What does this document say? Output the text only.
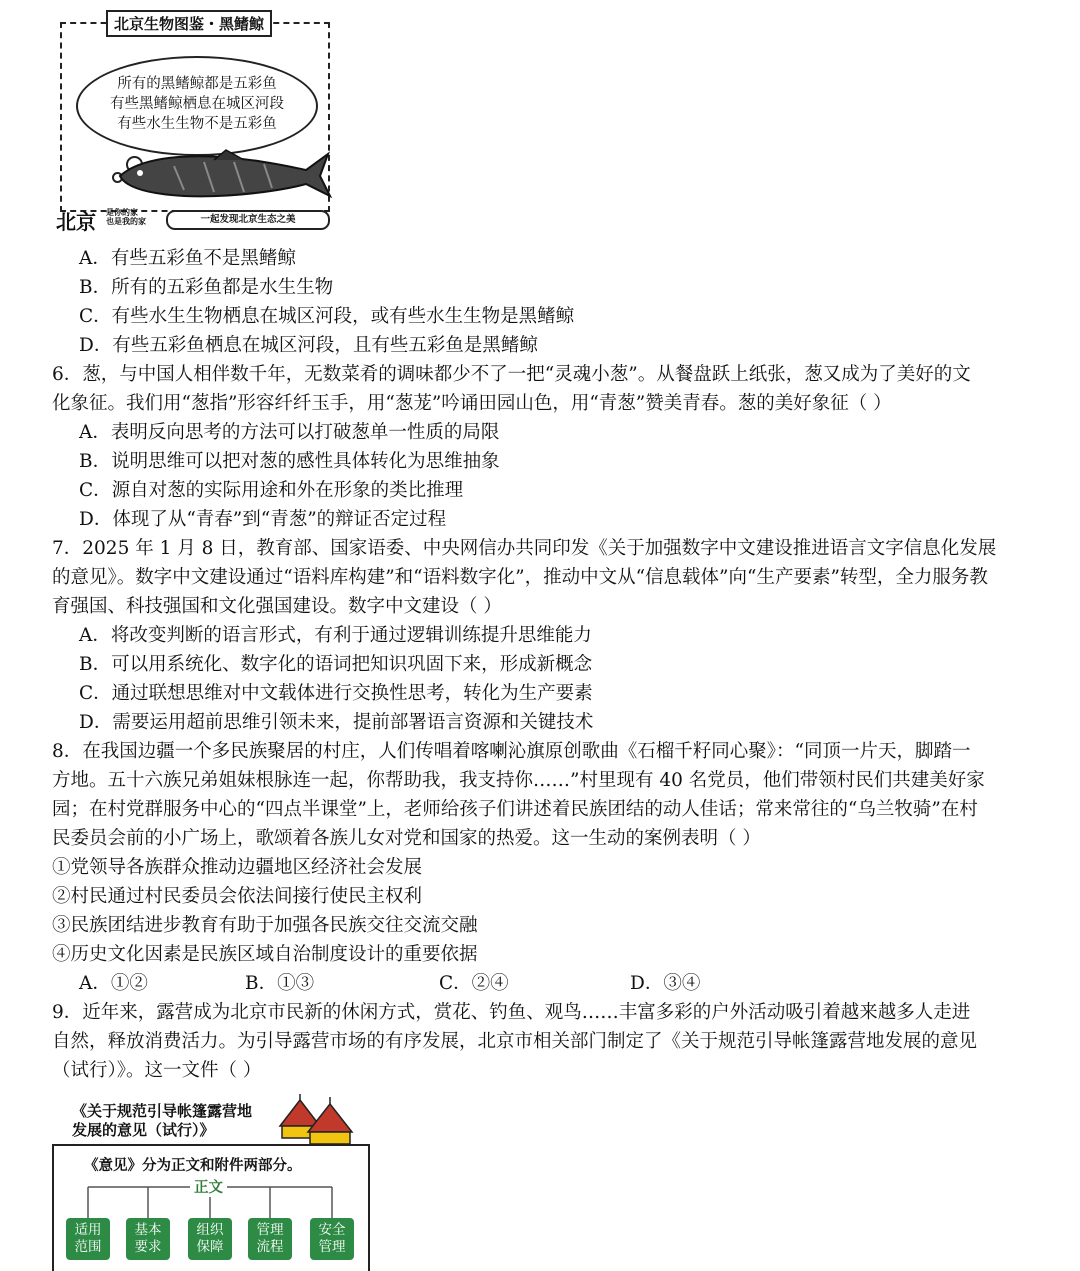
北京生物图鉴・黑鳍鲸
所有的黑鳍鲸都是五彩鱼
有些黑鳍鲸栖息在城区河段
有些水生生物不是五彩鱼
北京 是你的家
也是我的家	一起发现北京生态之美
A．有些五彩鱼不是黑鳍鲸
B．所有的五彩鱼都是水生生物
C．有些水生生物栖息在城区河段，或有些水生生物是黑鳍鲸
D．有些五彩鱼栖息在城区河段，且有些五彩鱼是黑鳍鲸
6．葱，与中国人相伴数千年，无数菜肴的调味都少不了一把“灵魂小葱”。从餐盘跃上纸张，葱又成为了美好的文
化象征。我们用“葱指”形容纤纤玉手，用“葱茏”吟诵田园山色，用“青葱”赞美青春。葱的美好象征（ ）
A．表明反向思考的方法可以打破葱单一性质的局限
B．说明思维可以把对葱的感性具体转化为思维抽象
C．源自对葱的实际用途和外在形象的类比推理
D．体现了从“青春”到“青葱”的辩证否定过程
7．2025 年 1 月 8 日，教育部、国家语委、中央网信办共同印发《关于加强数字中文建设推进语言文字信息化发展
的意见》。数字中文建设通过“语料库构建”和“语料数字化”，推动中文从“信息载体”向“生产要素”转型，全力服务教
育强国、科技强国和文化强国建设。数字中文建设（ ）
A．将改变判断的语言形式，有利于通过逻辑训练提升思维能力
B．可以用系统化、数字化的语词把知识巩固下来，形成新概念
C．通过联想思维对中文载体进行交换性思考，转化为生产要素
D．需要运用超前思维引领未来，提前部署语言资源和关键技术
8．在我国边疆一个多民族聚居的村庄，人们传唱着喀喇沁旗原创歌曲《石榴千籽同心聚》：“同顶一片天，脚踏一
方地。五十六族兄弟姐妹根脉连一起，你帮助我，我支持你……”村里现有 40 名党员，他们带领村民们共建美好家
园；在村党群服务中心的“四点半课堂”上，老师给孩子们讲述着民族团结的动人佳话；常来常往的“乌兰牧骑”在村
民委员会前的小广场上，歌颂着各族儿女对党和国家的热爱。这一生动的案例表明（ ）
①党领导各族群众推动边疆地区经济社会发展
②村民通过村民委员会依法间接行使民主权利
③民族团结进步教育有助于加强各民族交往交流交融
④历史文化因素是民族区域自治制度设计的重要依据
A．①②	B．①③	C．②④	D．③④
9．近年来，露营成为北京市民新的休闲方式，赏花、钓鱼、观鸟……丰富多彩的户外活动吸引着越来越多人走进
自然，释放消费活力。为引导露营市场的有序发展，北京市相关部门制定了《关于规范引导帐篷露营地发展的意见
（试行）》。这一文件（ ）
《关于规范引导帐篷露营地
发展的意见（试行）》
《意见》分为正文和附件两部分。
正文
适用
范围
基本
要求
组织
保障
管理
流程
安全
管理
